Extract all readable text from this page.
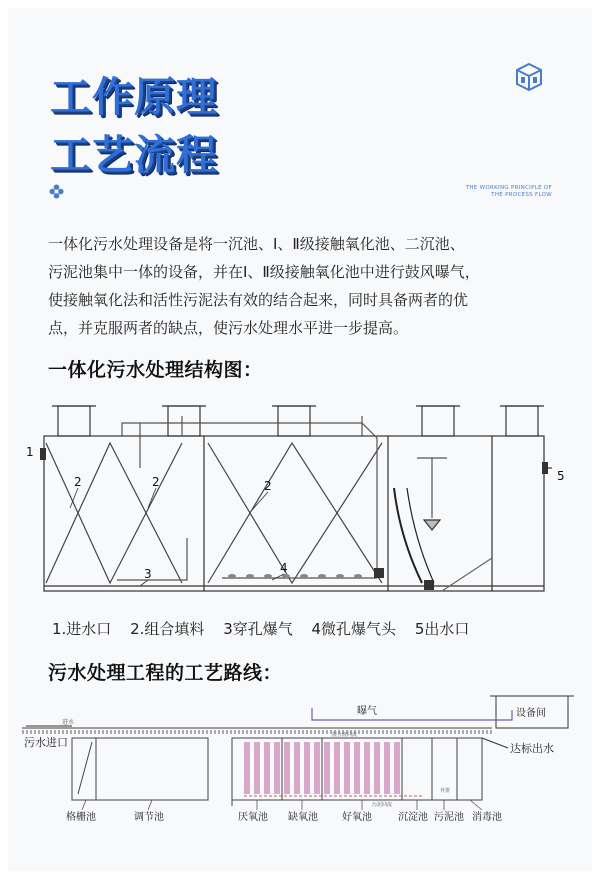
工作原理
工艺流程
THE WORKING PRINCIPLE OF
THE PROCESS FLOW
一体化污水处理设备是将一沉池、Ⅰ、Ⅱ级接触氧化池、二沉池、
污泥池集中一体的设备，并在Ⅰ、Ⅱ级接触氧化池中进行鼓风曝气，
使接触氧化法和活性污泥法有效的结合起来，同时具备两者的优
点，并克服两者的缺点，使污水处理水平进一步提高。
一体化污水处理结构图：
1
2	2	2
3	4
5
1.进水口 2.组合填料 3穿孔爆气 4微孔爆气头 5出水口
污水处理工程的工艺路线：
设备间
曝气
混合液回流
污泥回流
外排
进水
污水进口	达标出水
格栅池	调节池	厌氧池 缺氧池 好氧池	沉淀池 污泥池 消毒池
